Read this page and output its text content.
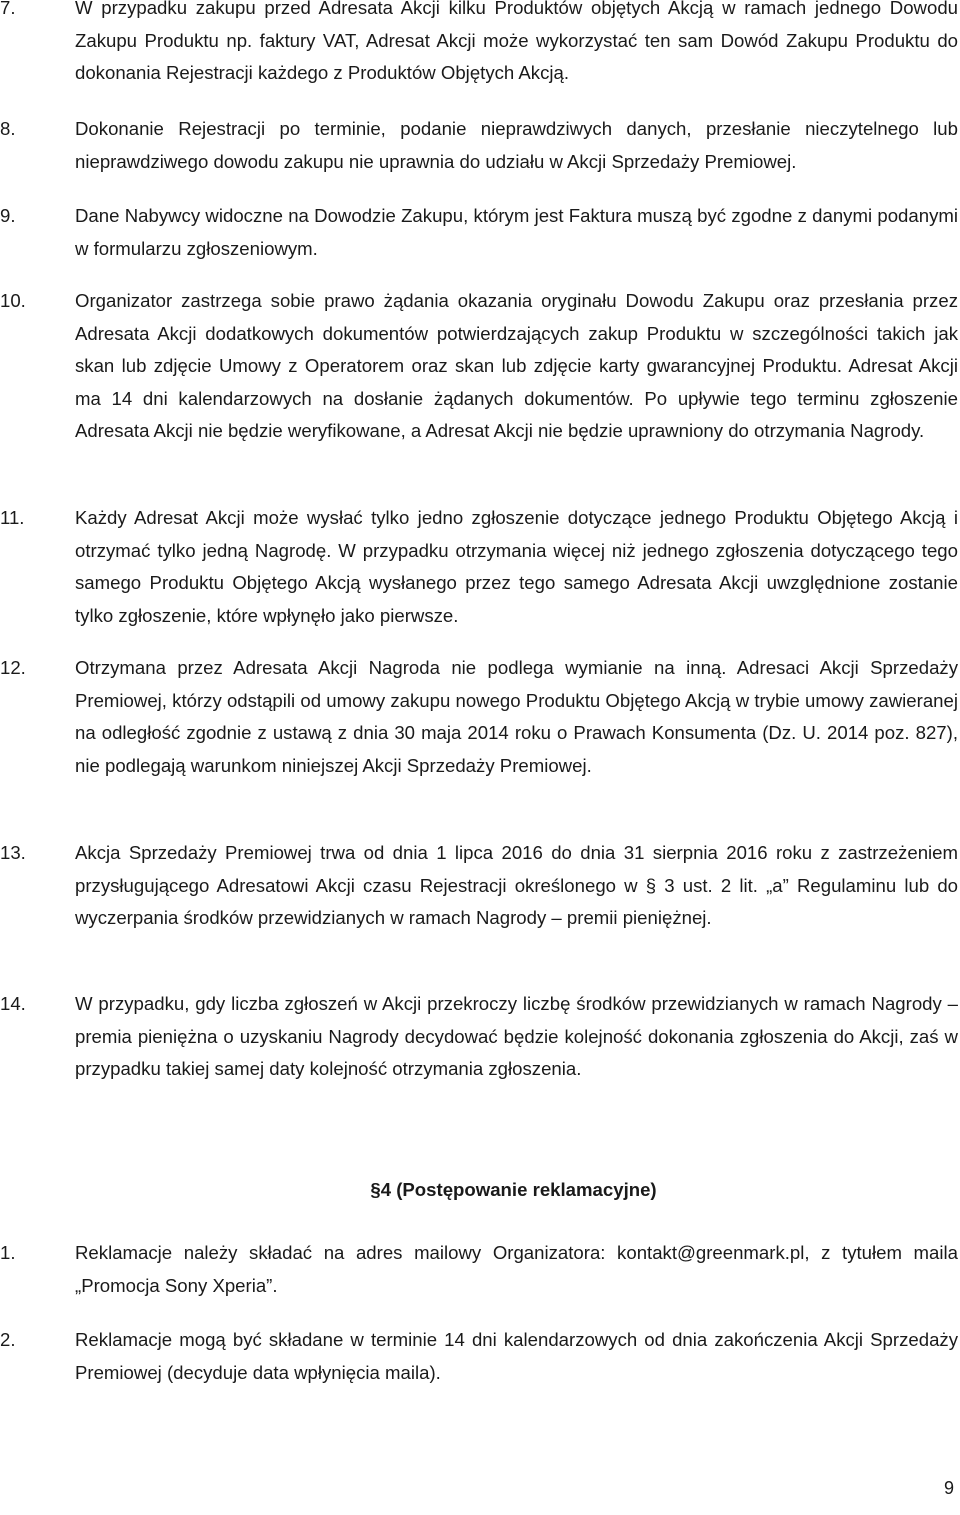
7.	W przypadku zakupu przed Adresata Akcji kilku Produktów objętych Akcją w ramach jednego Dowodu Zakupu Produktu np. faktury VAT, Adresat Akcji może wykorzystać ten sam Dowód Zakupu Produktu do dokonania Rejestracji każdego z Produktów Objętych Akcją.
8.	Dokonanie Rejestracji po terminie, podanie nieprawdziwych danych, przesłanie nieczytelnego lub nieprawdziwego dowodu zakupu nie uprawnia do udziału w Akcji Sprzedaży Premiowej.
9.	Dane Nabywcy widoczne na Dowodzie Zakupu, którym jest Faktura muszą być zgodne z danymi podanymi w formularzu zgłoszeniowym.
10.	Organizator zastrzega sobie prawo żądania okazania oryginału Dowodu Zakupu oraz przesłania przez Adresata Akcji dodatkowych dokumentów potwierdzających zakup Produktu w szczególności takich jak skan lub zdjęcie Umowy z Operatorem oraz skan lub zdjęcie karty gwarancyjnej Produktu. Adresat Akcji ma 14 dni kalendarzowych na dosłanie żądanych dokumentów. Po upływie tego terminu zgłoszenie Adresata Akcji nie będzie weryfikowane, a Adresat Akcji nie będzie uprawniony do otrzymania Nagrody.
11.	Każdy Adresat Akcji może wysłać tylko jedno zgłoszenie dotyczące jednego Produktu Objętego Akcją i otrzymać tylko jedną Nagrodę. W przypadku otrzymania więcej niż jednego zgłoszenia dotyczącego tego samego Produktu Objętego Akcją wysłanego przez tego samego Adresata Akcji uwzględnione zostanie tylko zgłoszenie, które wpłynęło jako pierwsze.
12.	Otrzymana przez Adresata Akcji Nagroda nie podlega wymianie na inną. Adresaci Akcji Sprzedaży Premiowej, którzy odstąpili od umowy zakupu nowego Produktu Objętego Akcją w trybie umowy zawieranej na odległość zgodnie z ustawą z dnia 30 maja 2014 roku o Prawach Konsumenta (Dz. U. 2014 poz. 827), nie podlegają warunkom niniejszej Akcji Sprzedaży Premiowej.
13.	Akcja Sprzedaży Premiowej trwa od dnia 1 lipca 2016 do dnia 31 sierpnia 2016 roku z zastrzeżeniem przysługującego Adresatowi Akcji czasu Rejestracji określonego w § 3 ust. 2 lit. „a” Regulaminu lub do wyczerpania środków przewidzianych w ramach Nagrody – premii pieniężnej.
14.	W przypadku, gdy liczba zgłoszeń w Akcji przekroczy liczbę środków przewidzianych w ramach Nagrody – premia pieniężna o uzyskaniu Nagrody decydować będzie kolejność dokonania zgłoszenia do Akcji, zaś w przypadku takiej samej daty kolejność otrzymania zgłoszenia.
§4 (Postępowanie reklamacyjne)
1.	Reklamacje należy składać na adres mailowy Organizatora: kontakt@greenmark.pl, z tytułem maila „Promocja Sony Xperia”.
2.	Reklamacje mogą być składane w terminie 14 dni kalendarzowych od dnia zakończenia Akcji Sprzedaży Premiowej (decyduje data wpłynięcia maila).
9
